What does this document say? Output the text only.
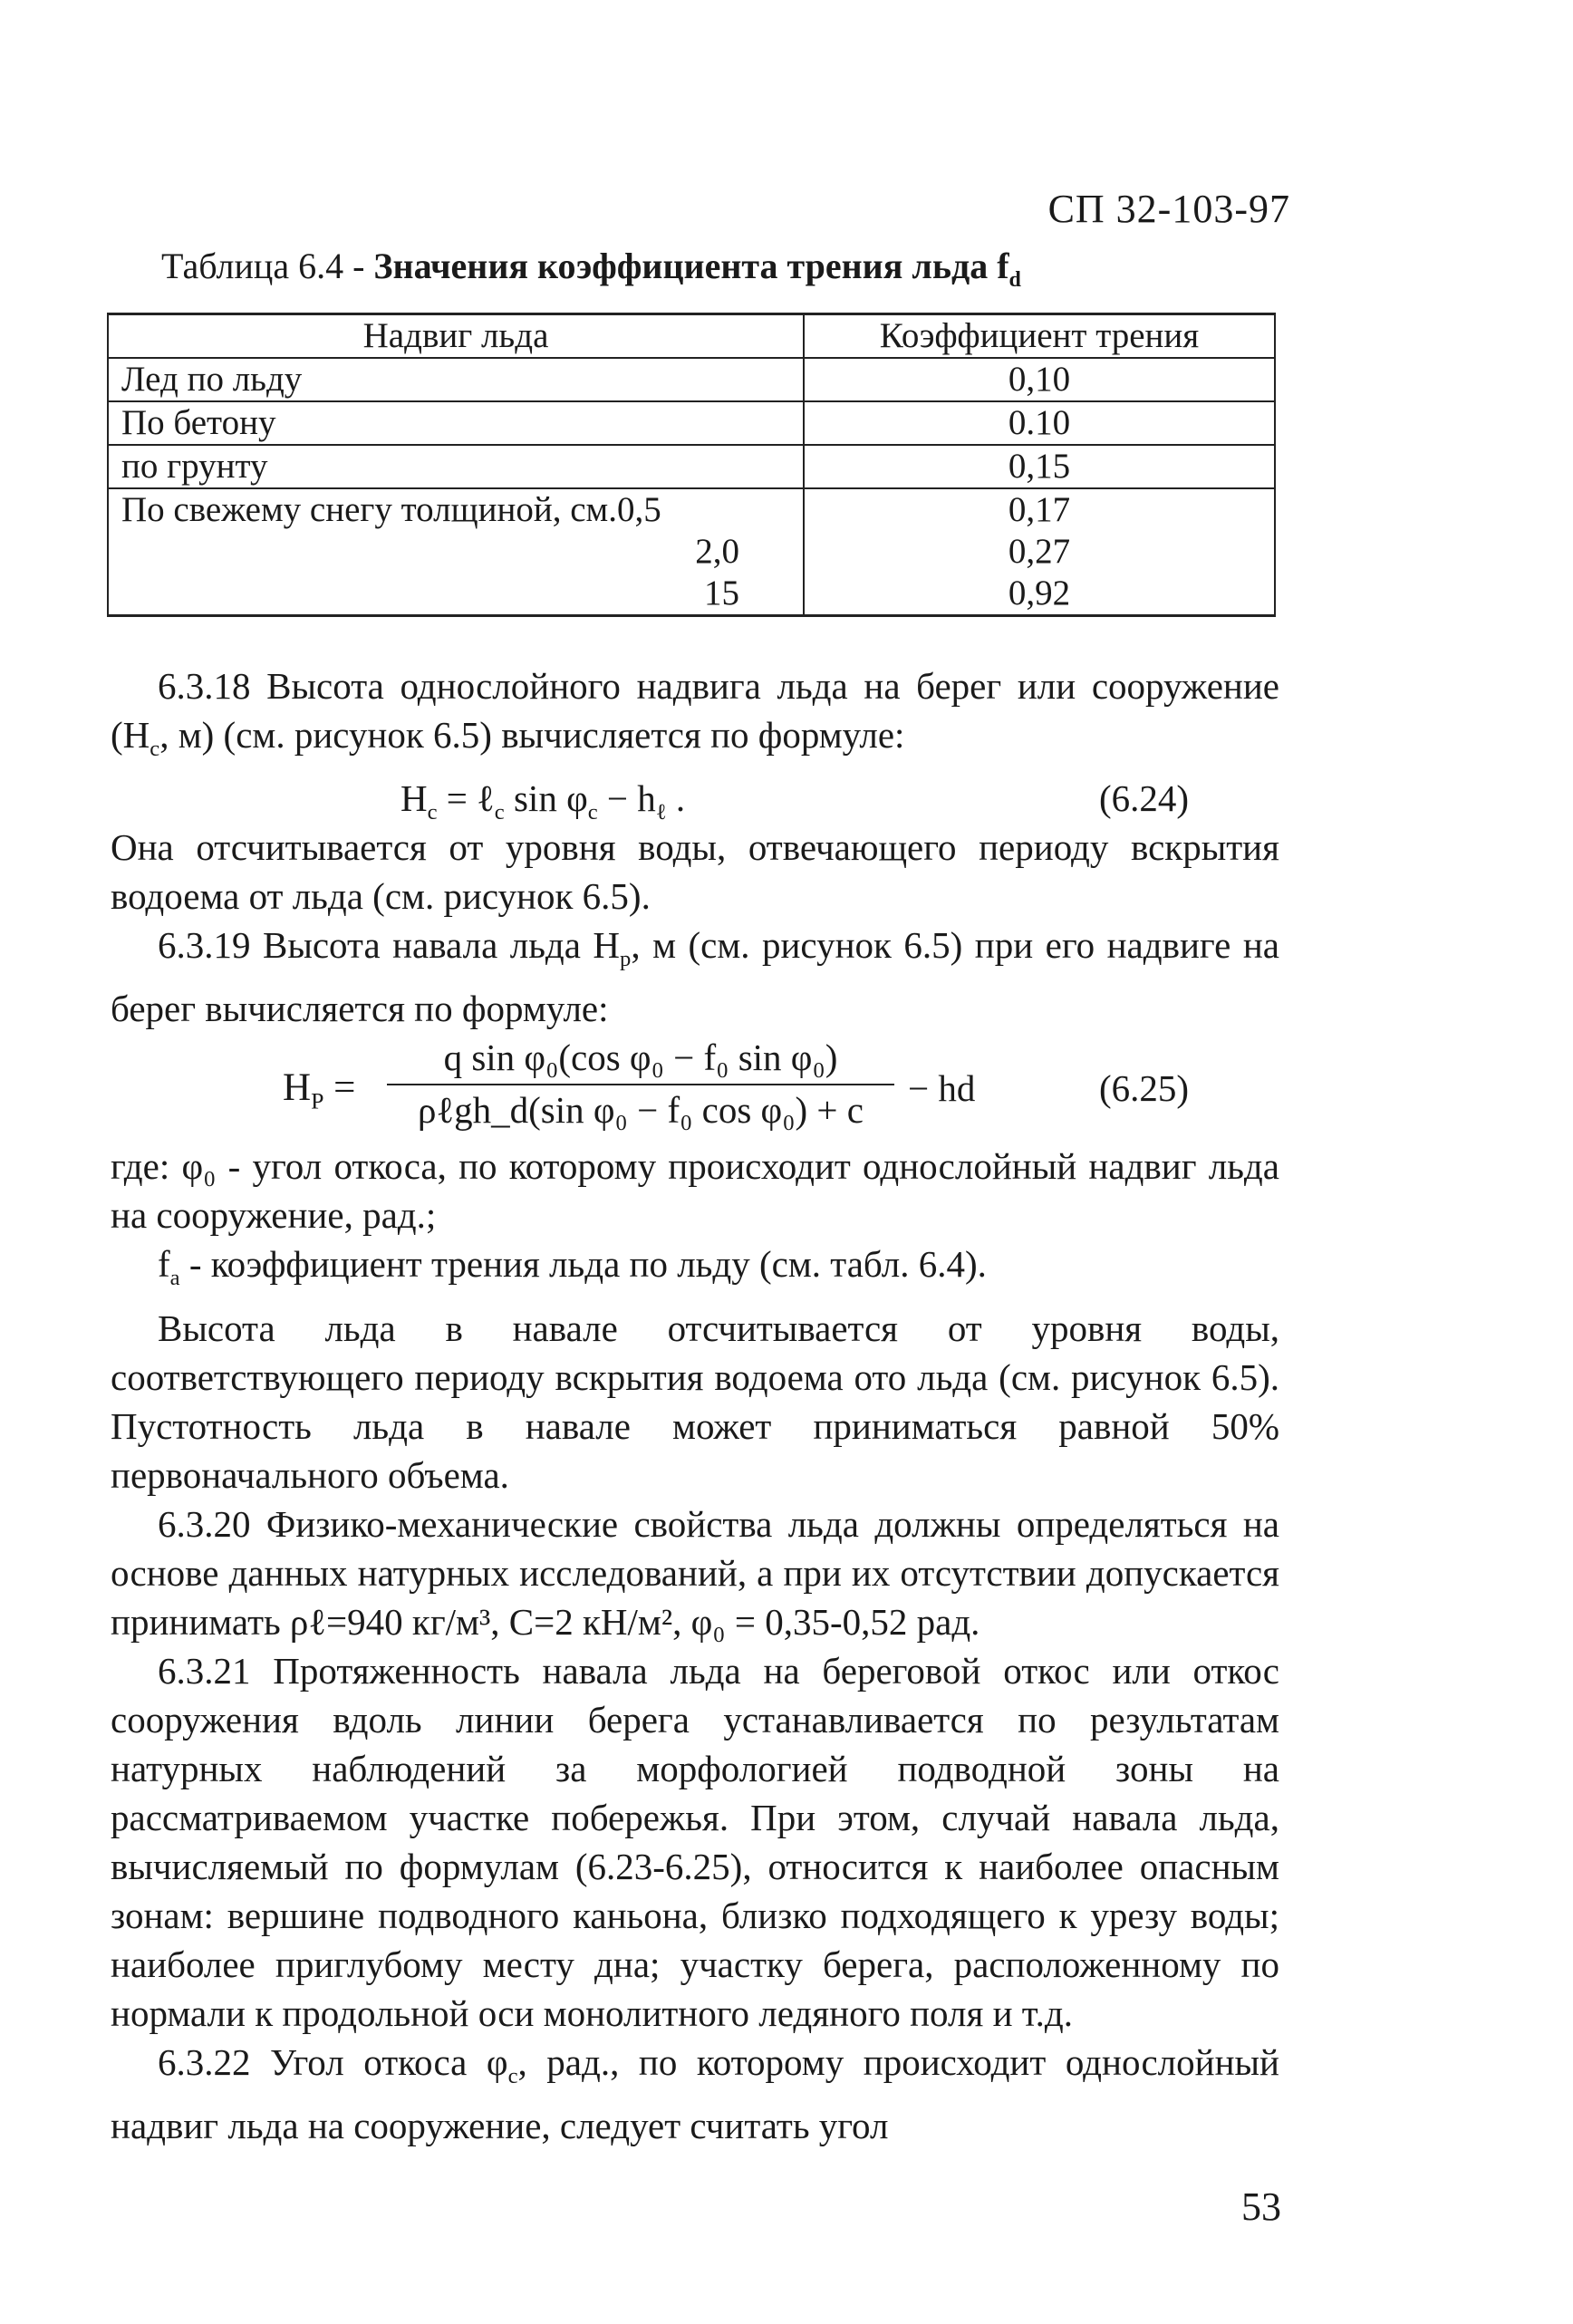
СП 32-103-97
Таблица 6.4 - Значения коэффициента трения льда $f_d$
Надвиг льда	Коэффициент трения
Лед по льду	0,10
По бетону	0.10
по грунту	0,15
По свежему снегу толщиной, см.0,5	0,17
2,0	0,27
15	0,92

6.3.18 Высота однослойного надвига льда на берег или сооружение ($H_c$, м) (см. рисунок 6.5) вычисляется по формуле:

$H_c$ = ℓ$_c$ $\sin \varphi_c - h_\ell$ .	(6.24)

Она отсчитывается от уровня воды, отвечающего периоду вскрытия водоема от льда (см. рисунок 6.5).

6.3.19 Высота навала льда $H_p$, м (см. рисунок 6.5) при его надвиге на берег вычисляется по формуле:

$H_P$ =
q sin φ₀(cos φ₀ − f₀ sin φ₀)
ρℓgh_d(sin φ₀ − f₀ cos φ₀) + c
− hd	(6.25)

где: φ₀ - угол откоса, по которому происходит однослойный надвиг льда на сооружение, рад.;

$f_a$ - коэффициент трения льда по льду (см. табл. 6.4).

Высота льда в навале отсчитывается от уровня воды, соответствующего периоду вскрытия водоема ото льда (см. рисунок 6.5). Пустотность льда в навале может приниматься равной 50% первоначального объема.

6.3.20 Физико-механические свойства льда должны определяться на основе данных натурных исследований, а при их отсутствии допускается принимать ρℓ=940 кг/м³, С=2 кН/м², φ₀ = 0,35-0,52 рад.

6.3.21 Протяженность навала льда на береговой откос или откос сооружения вдоль линии берега устанавливается по результатам натурных наблюдений за морфологией подводной зоны на рассматриваемом участке побережья. При этом, случай навала льда, вычисляемый по формулам (6.23-6.25), относится к наиболее опасным зонам: вершине подводного каньона, близко подходящего к урезу воды; наиболее приглубому месту дна; участку берега, расположенному по нормали к продольной оси монолитного ледяного поля и т.д.

6.3.22 Угол откоса $\varphi_c$, рад., по которому происходит однослойный надвиг льда на сооружение, следует считать угол

53
